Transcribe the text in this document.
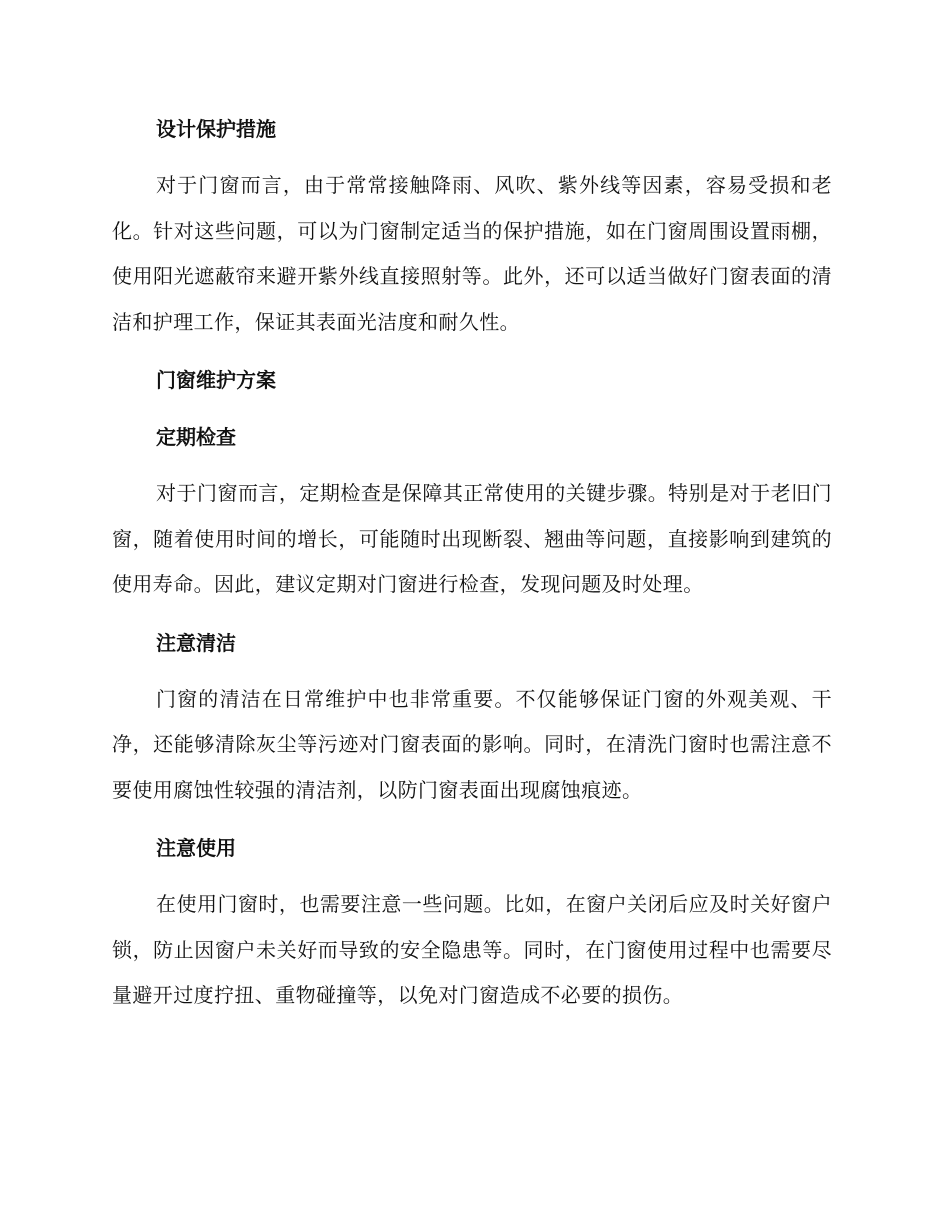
设计保护措施

对于门窗而言，由于常常接触降雨、风吹、紫外线等因素，容易受损和老化。针对这些问题，可以为门窗制定适当的保护措施，如在门窗周围设置雨棚，使用阳光遮蔽帘来避开紫外线直接照射等。此外，还可以适当做好门窗表面的清洁和护理工作，保证其表面光洁度和耐久性。

门窗维护方案
定期检查

对于门窗而言，定期检查是保障其正常使用的关键步骤。特别是对于老旧门窗，随着使用时间的增长，可能随时出现断裂、翘曲等问题，直接影响到建筑的使用寿命。因此，建议定期对门窗进行检查，发现问题及时处理。

注意清洁

门窗的清洁在日常维护中也非常重要。不仅能够保证门窗的外观美观、干净，还能够清除灰尘等污迹对门窗表面的影响。同时，在清洗门窗时也需注意不要使用腐蚀性较强的清洁剂，以防门窗表面出现腐蚀痕迹。

注意使用

在使用门窗时，也需要注意一些问题。比如，在窗户关闭后应及时关好窗户锁，防止因窗户未关好而导致的安全隐患等。同时，在门窗使用过程中也需要尽量避开过度拧扭、重物碰撞等，以免对门窗造成不必要的损伤。
